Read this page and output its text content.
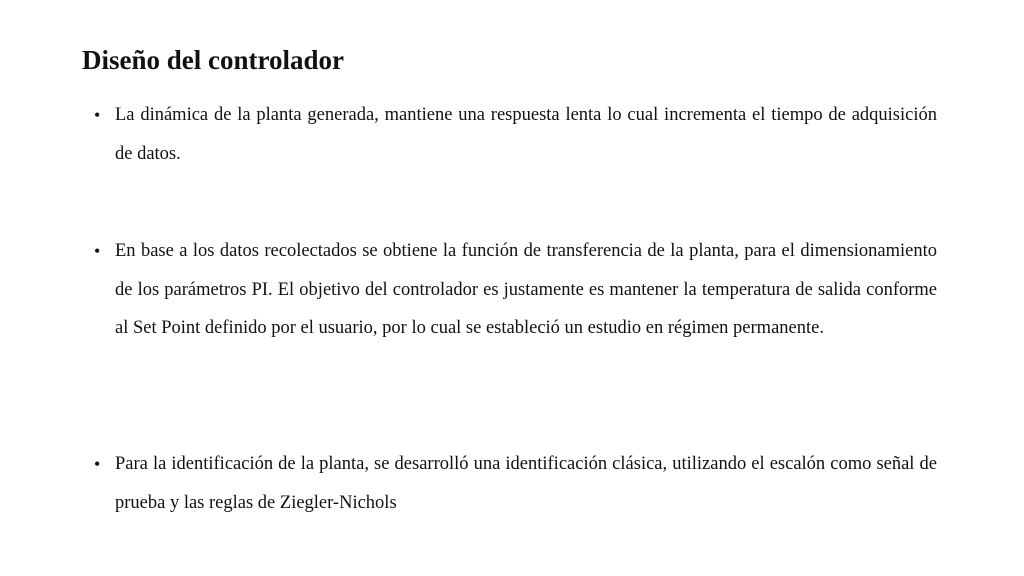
Diseño del controlador
• La dinámica de la planta generada, mantiene una respuesta lenta lo cual incrementa el tiempo de adquisición de datos.
• En base a los datos recolectados se obtiene la función de transferencia de la planta, para el dimensionamiento de los parámetros PI. El objetivo del controlador es justamente es mantener la temperatura de salida conforme al Set Point definido por el usuario, por lo cual se estableció un estudio en régimen permanente.
• Para la identificación de la planta, se desarrolló una identificación clásica, utilizando el escalón como señal de prueba y las reglas de Ziegler-Nichols
